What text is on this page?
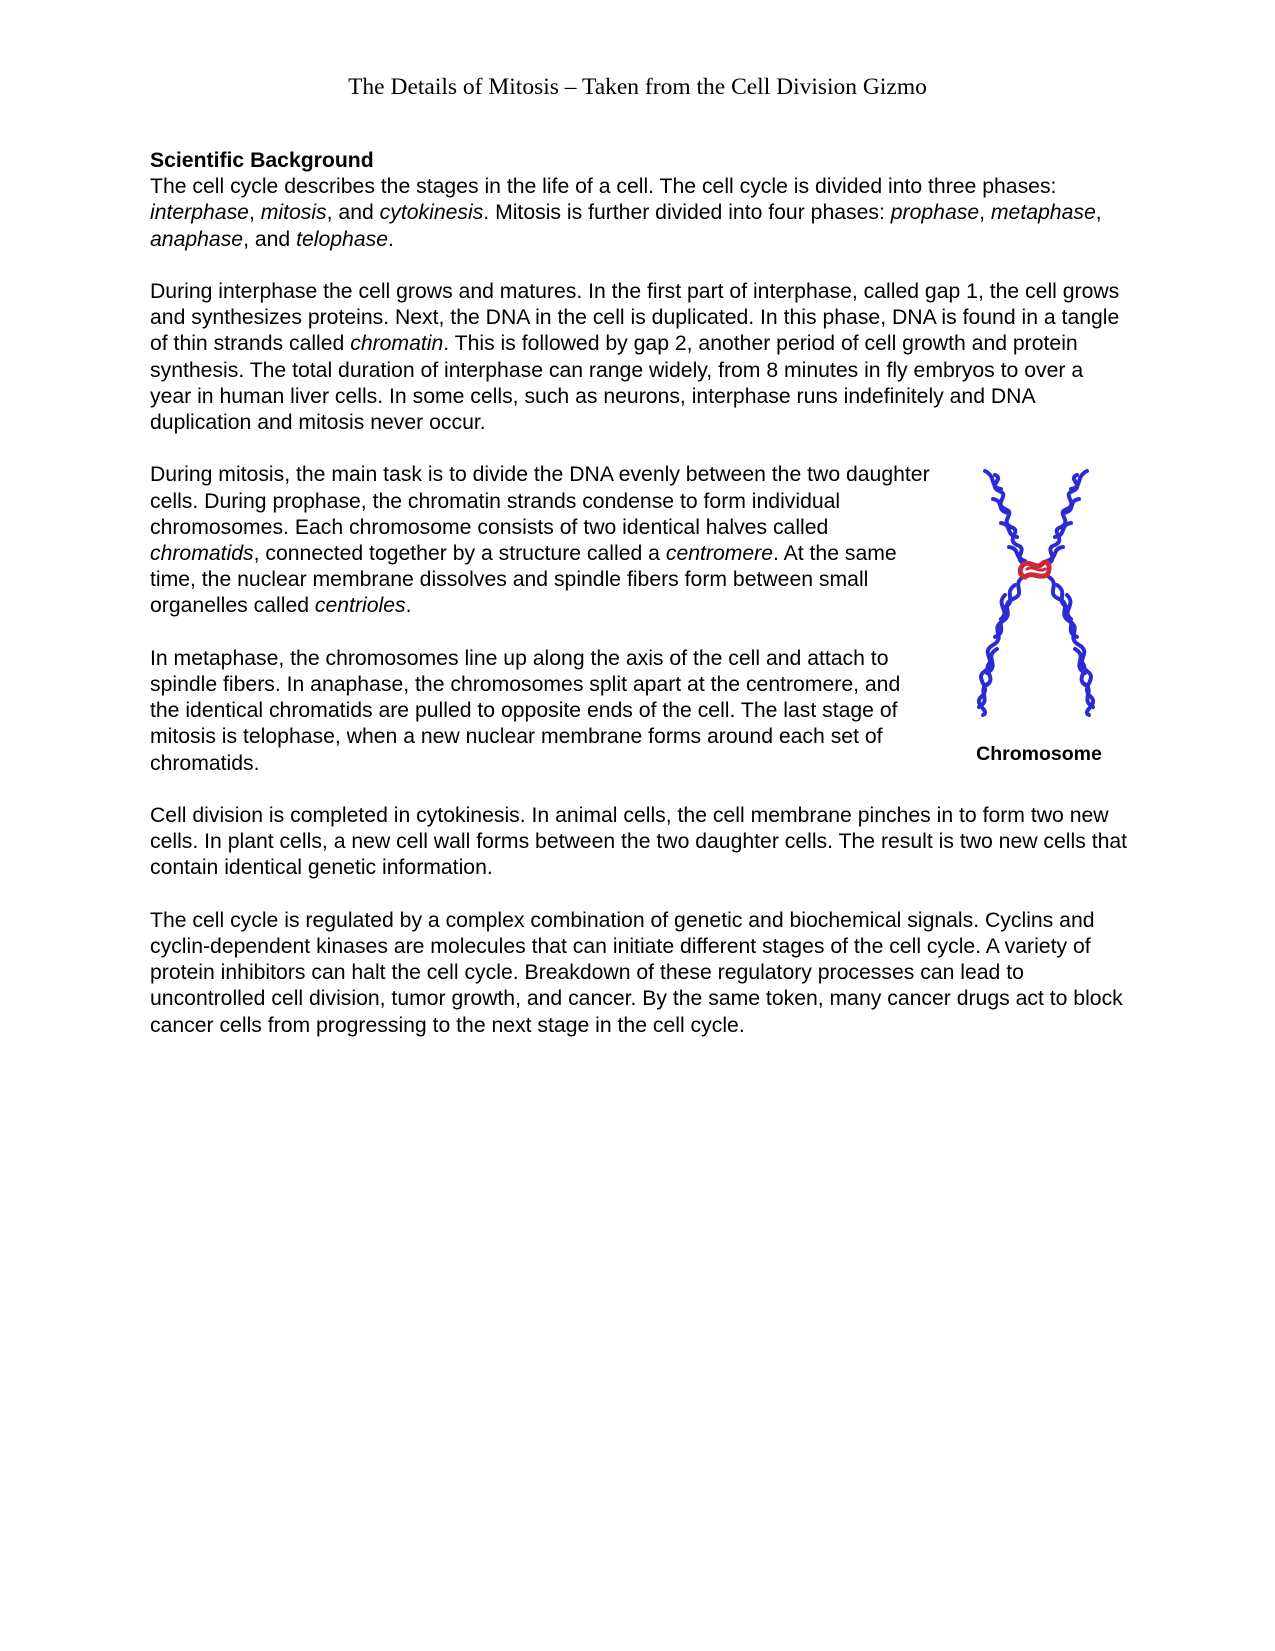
The Details of Mitosis – Taken from the Cell Division Gizmo
Scientific Background

The cell cycle describes the stages in the life of a cell. The cell cycle is divided into three phases: interphase, mitosis, and cytokinesis. Mitosis is further divided into four phases: prophase, metaphase, anaphase, and telophase.

During interphase the cell grows and matures. In the first part of interphase, called gap 1, the cell grows and synthesizes proteins. Next, the DNA in the cell is duplicated. In this phase, DNA is found in a tangle of thin strands called chromatin. This is followed by gap 2, another period of cell growth and protein synthesis. The total duration of interphase can range widely, from 8 minutes in fly embryos to over a year in human liver cells. In some cells, such as neurons, interphase runs indefinitely and DNA duplication and mitosis never occur.

During mitosis, the main task is to divide the DNA evenly between the two daughter cells. During prophase, the chromatin strands condense to form individual chromosomes. Each chromosome consists of two identical halves called chromatids, connected together by a structure called a centromere. At the same time, the nuclear membrane dissolves and spindle fibers form between small organelles called centrioles.

In metaphase, the chromosomes line up along the axis of the cell and attach to spindle fibers. In anaphase, the chromosomes split apart at the centromere, and the identical chromatids are pulled to opposite ends of the cell. The last stage of mitosis is telophase, when a new nuclear membrane forms around each set of chromatids.

Cell division is completed in cytokinesis. In animal cells, the cell membrane pinches in to form two new cells. In plant cells, a new cell wall forms between the two daughter cells. The result is two new cells that contain identical genetic information.

The cell cycle is regulated by a complex combination of genetic and biochemical signals. Cyclins and cyclin-dependent kinases are molecules that can initiate different stages of the cell cycle. A variety of protein inhibitors can halt the cell cycle. Breakdown of these regulatory processes can lead to uncontrolled cell division, tumor growth, and cancer. By the same token, many cancer drugs act to block cancer cells from progressing to the next stage in the cell cycle.

Chromosome
